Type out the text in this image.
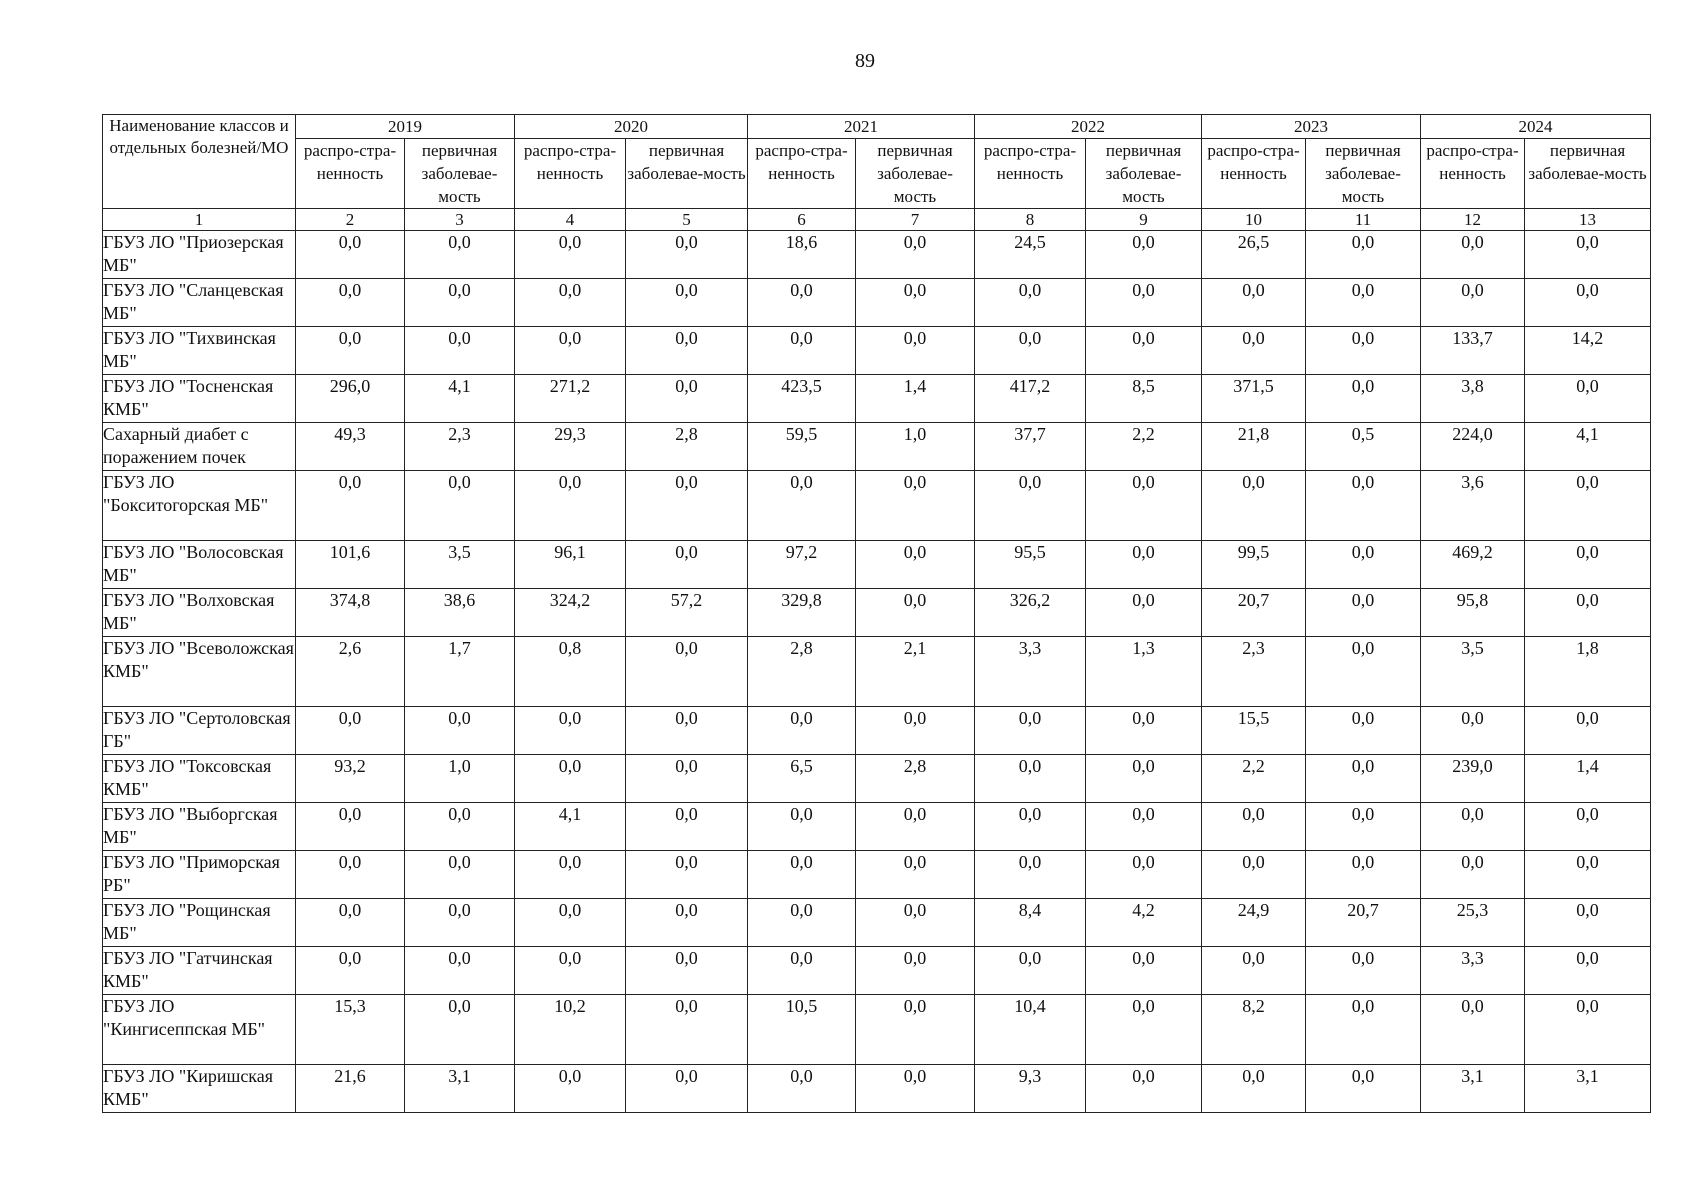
89
Наименование классов и отдельных болезней/МО	2019		2020		2021		2022		2023		2024	
	распро-стра-ненность	первичная заболевае-мость	распро-стра-ненность	первичная заболевае-мость	распро-стра-ненность	первичная заболевае-мость	распро-стра-ненность	первичная заболевае-мость	распро-стра-ненность	первичная заболевае-мость	распро-стра-ненность	первичная заболевае-мость
1	2	3	4	5	6	7	8	9	10	11	12	13
ГБУЗ ЛО "Приозерская МБ"	0,0	0,0	0,0	0,0	18,6	0,0	24,5	0,0	26,5	0,0	0,0	0,0
ГБУЗ ЛО "Сланцевская МБ"	0,0	0,0	0,0	0,0	0,0	0,0	0,0	0,0	0,0	0,0	0,0	0,0
ГБУЗ ЛО "Тихвинская МБ"	0,0	0,0	0,0	0,0	0,0	0,0	0,0	0,0	0,0	0,0	133,7	14,2
ГБУЗ ЛО "Тосненская КМБ"	296,0	4,1	271,2	0,0	423,5	1,4	417,2	8,5	371,5	0,0	3,8	0,0
Сахарный диабет с поражением почек	49,3	2,3	29,3	2,8	59,5	1,0	37,7	2,2	21,8	0,5	224,0	4,1
ГБУЗ ЛО "Бокситогорская МБ"	0,0	0,0	0,0	0,0	0,0	0,0	0,0	0,0	0,0	0,0	3,6	0,0
ГБУЗ ЛО "Волосовская МБ"	101,6	3,5	96,1	0,0	97,2	0,0	95,5	0,0	99,5	0,0	469,2	0,0
ГБУЗ ЛО "Волховская МБ"	374,8	38,6	324,2	57,2	329,8	0,0	326,2	0,0	20,7	0,0	95,8	0,0
ГБУЗ ЛО "Всеволожская КМБ"	2,6	1,7	0,8	0,0	2,8	2,1	3,3	1,3	2,3	0,0	3,5	1,8
ГБУЗ ЛО "Сертоловская ГБ"	0,0	0,0	0,0	0,0	0,0	0,0	0,0	0,0	15,5	0,0	0,0	0,0
ГБУЗ ЛО "Токсовская КМБ"	93,2	1,0	0,0	0,0	6,5	2,8	0,0	0,0	2,2	0,0	239,0	1,4
ГБУЗ ЛО "Выборгская МБ"	0,0	0,0	4,1	0,0	0,0	0,0	0,0	0,0	0,0	0,0	0,0	0,0
ГБУЗ ЛО "Приморская РБ"	0,0	0,0	0,0	0,0	0,0	0,0	0,0	0,0	0,0	0,0	0,0	0,0
ГБУЗ ЛО "Рощинская МБ"	0,0	0,0	0,0	0,0	0,0	0,0	8,4	4,2	24,9	20,7	25,3	0,0
ГБУЗ ЛО "Гатчинская КМБ"	0,0	0,0	0,0	0,0	0,0	0,0	0,0	0,0	0,0	0,0	3,3	0,0
ГБУЗ ЛО "Кингисеппская МБ"	15,3	0,0	10,2	0,0	10,5	0,0	10,4	0,0	8,2	0,0	0,0	0,0
ГБУЗ ЛО "Киришская КМБ"	21,6	3,1	0,0	0,0	0,0	0,0	9,3	0,0	0,0	0,0	3,1	3,1
